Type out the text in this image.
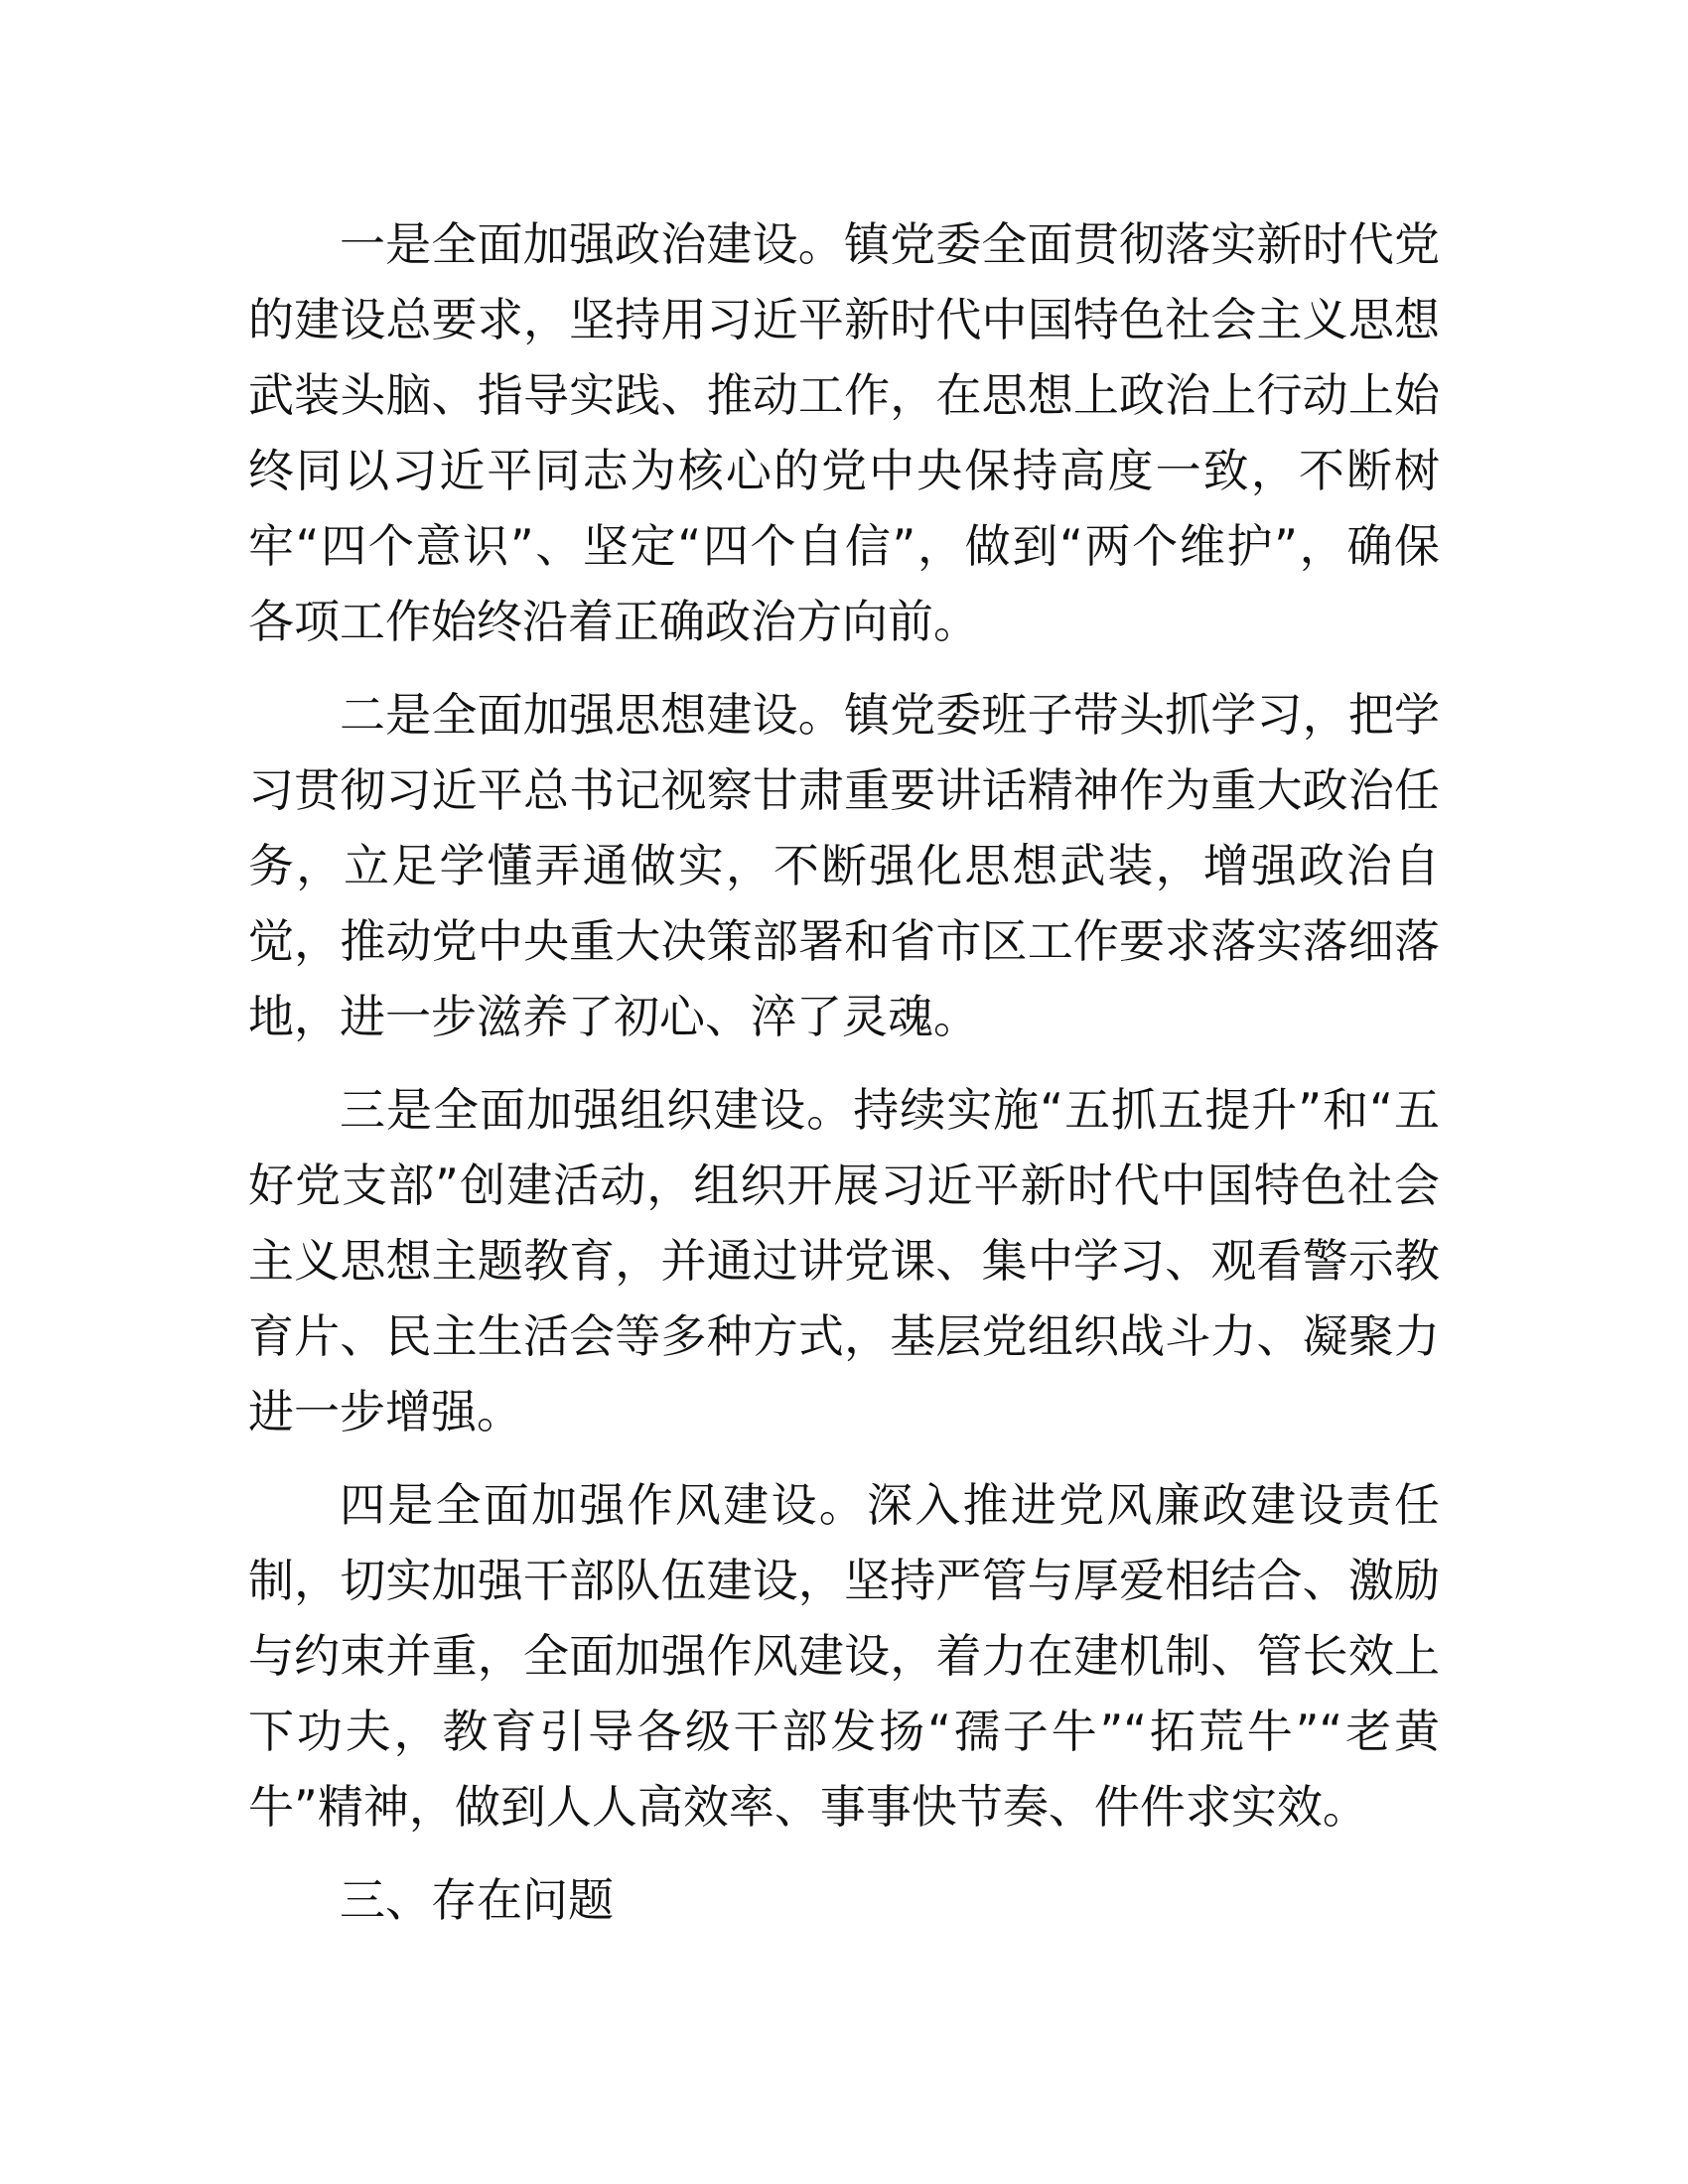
一是全面加强政治建设。镇党委全面贯彻落实新时代党的建设总要求，坚持用习近平新时代中国特色社会主义思想武装头脑、指导实践、推动工作，在思想上政治上行动上始终同以习近平同志为核心的党中央保持高度一致，不断树牢“四个意识”、坚定“四个自信”，做到“两个维护”，确保各项工作始终沿着正确政治方向前。

二是全面加强思想建设。镇党委班子带头抓学习，把学习贯彻习近平总书记视察甘肃重要讲话精神作为重大政治任务，立足学懂弄通做实，不断强化思想武装，增强政治自觉，推动党中央重大决策部署和省市区工作要求落实落细落地，进一步滋养了初心、淬了灵魂。

三是全面加强组织建设。持续实施“五抓五提升”和“五好党支部”创建活动，组织开展习近平新时代中国特色社会主义思想主题教育，并通过讲党课、集中学习、观看警示教育片、民主生活会等多种方式，基层党组织战斗力、凝聚力进一步增强。

四是全面加强作风建设。深入推进党风廉政建设责任制，切实加强干部队伍建设，坚持严管与厚爱相结合、激励与约束并重，全面加强作风建设，着力在建机制、管长效上下功夫，教育引导各级干部发扬“孺子牛”“拓荒牛”“老黄牛”精神，做到人人高效率、事事快节奏、件件求实效。

三、存在问题
